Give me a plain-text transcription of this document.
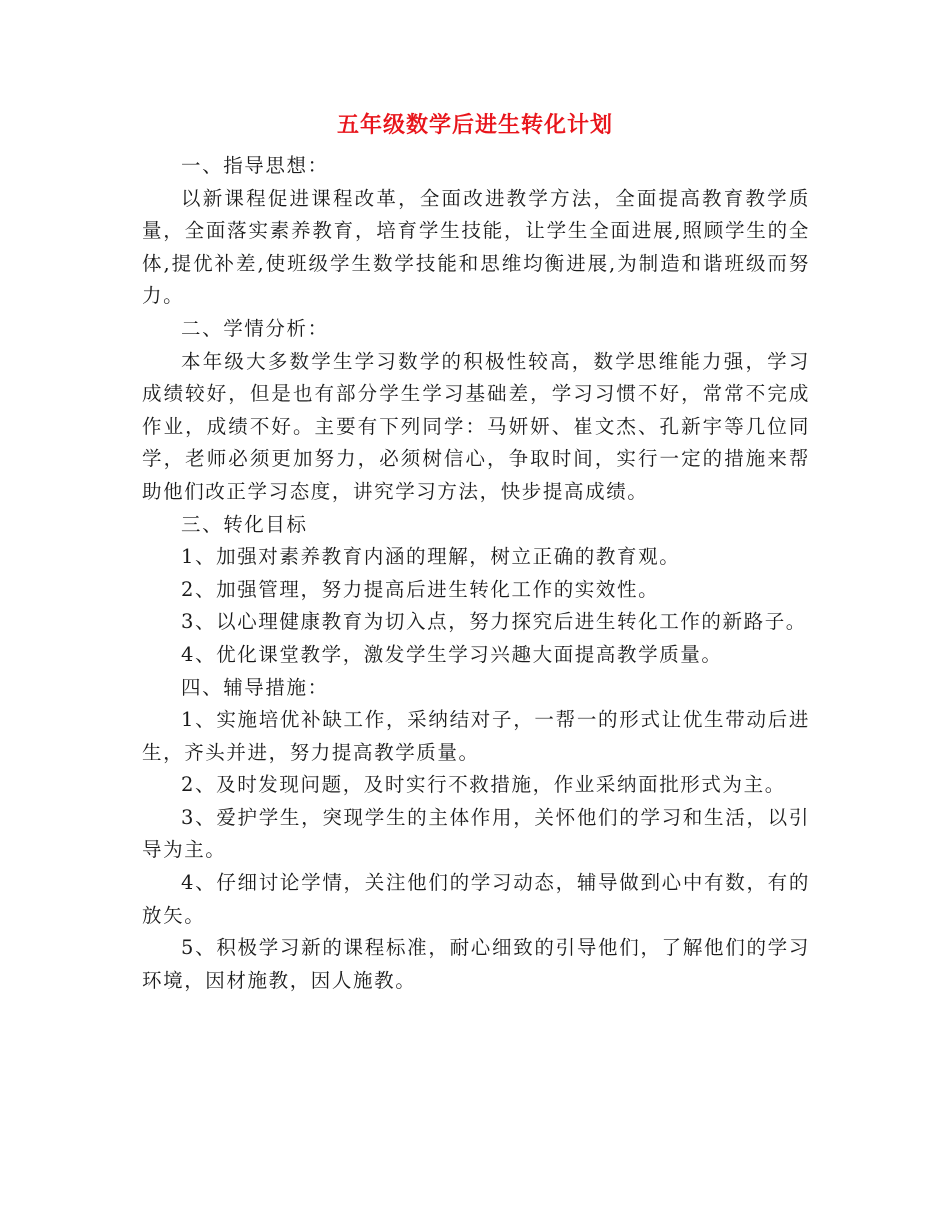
五年级数学后进生转化计划

一、指导思想：

以新课程促进课程改革，全面改进教学方法，全面提高教育教学质量，全面落实素养教育，培育学生技能，让学生全面进展,照顾学生的全体,提优补差,使班级学生数学技能和思维均衡进展,为制造和谐班级而努力。

二、学情分析：

本年级大多数学生学习数学的积极性较高，数学思维能力强，学习成绩较好，但是也有部分学生学习基础差，学习习惯不好，常常不完成作业，成绩不好。主要有下列同学：马妍妍、崔文杰、孔新宇等几位同学，老师必须更加努力，必须树信心，争取时间，实行一定的措施来帮助他们改正学习态度，讲究学习方法，快步提高成绩。

三、转化目标

1、加强对素养教育内涵的理解，树立正确的教育观。

2、加强管理，努力提高后进生转化工作的实效性。

3、以心理健康教育为切入点，努力探究后进生转化工作的新路子。

4、优化课堂教学，激发学生学习兴趣大面提高教学质量。

四、辅导措施：

1、实施培优补缺工作，采纳结对子，一帮一的形式让优生带动后进生，齐头并进，努力提高教学质量。

2、及时发现问题，及时实行不救措施，作业采纳面批形式为主。

3、爱护学生，突现学生的主体作用，关怀他们的学习和生活，以引导为主。

4、仔细讨论学情，关注他们的学习动态，辅导做到心中有数，有的放矢。

5、积极学习新的课程标准，耐心细致的引导他们，了解他们的学习环境，因材施教，因人施教。
